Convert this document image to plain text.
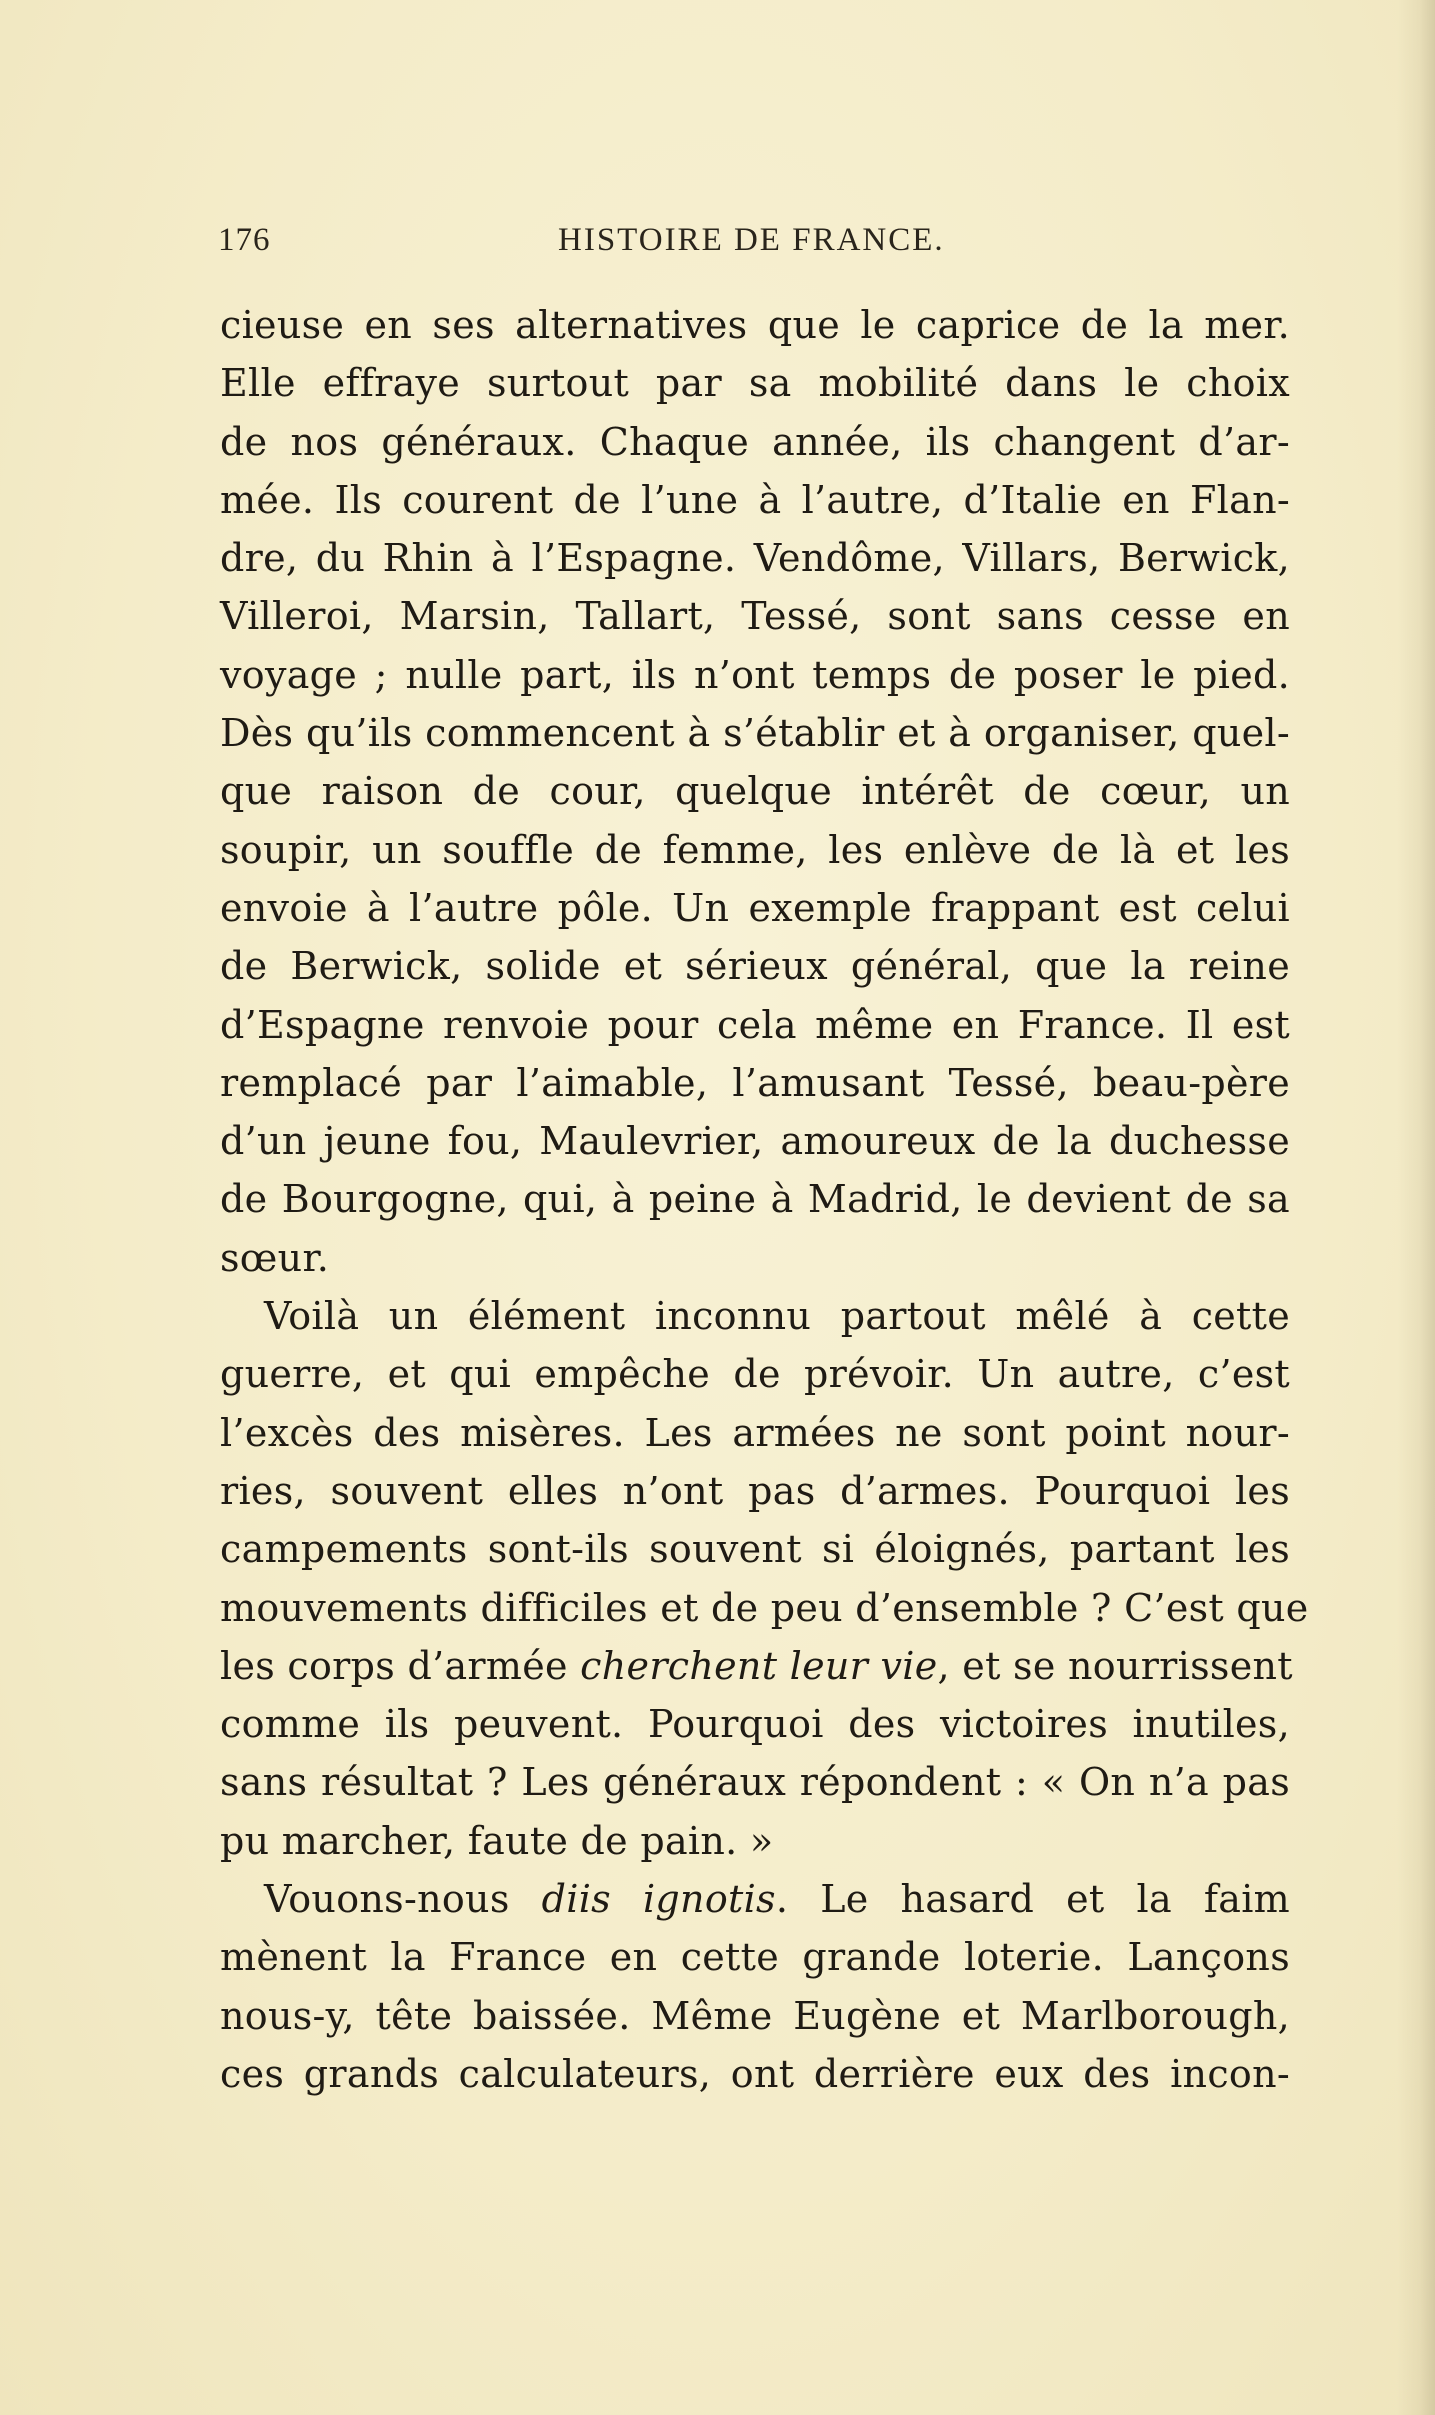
176	HISTOIRE DE FRANCE.
cieuse en ses alternatives que le caprice de la mer.
Elle effraye surtout par sa mobilité dans le choix
de nos généraux. Chaque année, ils changent d’ar-
mée. Ils courent de l’une à l’autre, d’Italie en Flan-
dre, du Rhin à l’Espagne. Vendôme, Villars, Berwick,
Villeroi, Marsin, Tallart, Tessé, sont sans cesse en
voyage ; nulle part, ils n’ont temps de poser le pied.
Dès qu’ils commencent à s’établir et à organiser, quel-
que raison de cour, quelque intérêt de cœur, un
soupir, un souffle de femme, les enlève de là et les
envoie à l’autre pôle. Un exemple frappant est celui
de Berwick, solide et sérieux général, que la reine
d’Espagne renvoie pour cela même en France. Il est
remplacé par l’aimable, l’amusant Tessé, beau-père
d’un jeune fou, Maulevrier, amoureux de la duchesse
de Bourgogne, qui, à peine à Madrid, le devient de sa
sœur.
Voilà un élément inconnu partout mêlé à cette
guerre, et qui empêche de prévoir. Un autre, c’est
l’excès des misères. Les armées ne sont point nour-
ries, souvent elles n’ont pas d’armes. Pourquoi les
campements sont-ils souvent si éloignés, partant les
mouvements difficiles et de peu d’ensemble ? C’est que
les corps d’armée cherchent leur vie, et se nourrissent
comme ils peuvent. Pourquoi des victoires inutiles,
sans résultat ? Les généraux répondent : « On n’a pas
pu marcher, faute de pain. »
Vouons-nous diis ignotis. Le hasard et la faim
mènent la France en cette grande loterie. Lançons
nous-y, tête baissée. Même Eugène et Marlborough,
ces grands calculateurs, ont derrière eux des incon-
